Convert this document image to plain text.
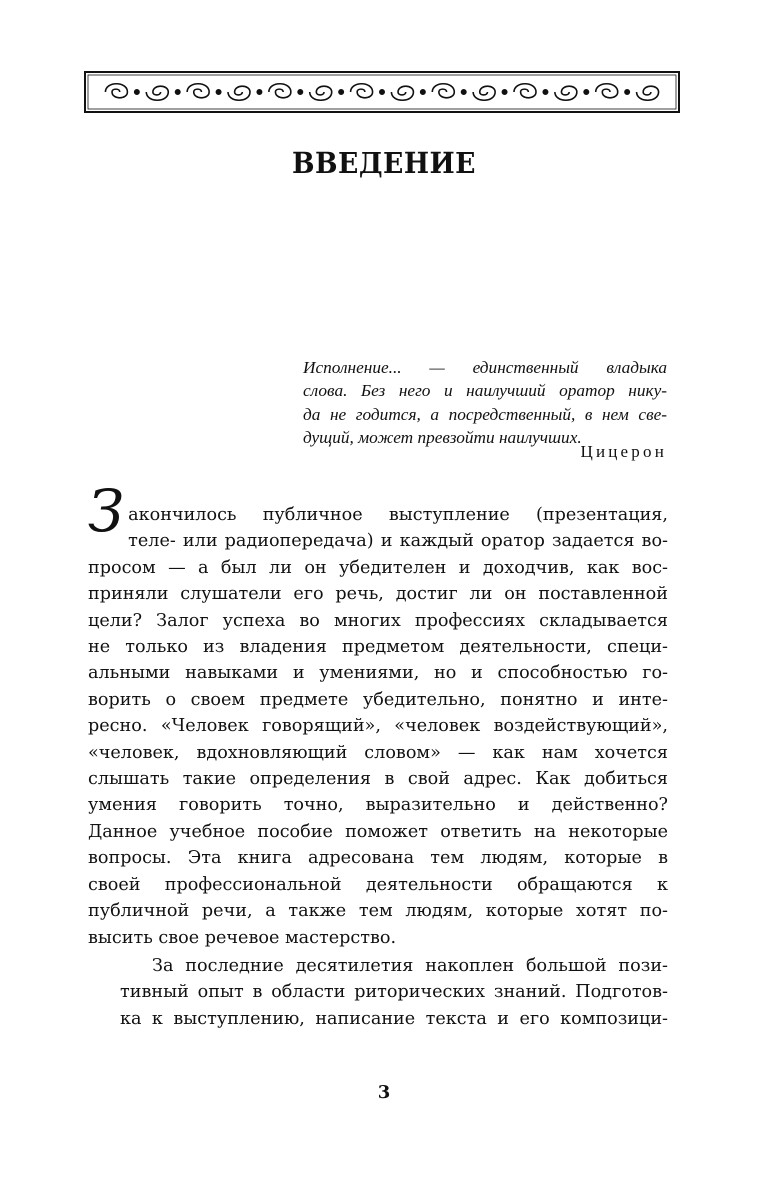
ВВЕДЕНИЕ

Исполнение... — единственный владыка

слова. Без него и наилучший оратор нику-

да не годится, а посредственный, в нем све-

дущий, может превзойти наилучших.

Цицерон
З акончилось публичное выступление (презентация,
теле- или радиопередача) и каждый оратор задается во-
просом — а был ли он убедителен и доходчив, как вос-
приняли слушатели его речь, достиг ли он поставленной
цели? Залог успеха во многих профессиях складывается
не только из владения предметом деятельности, специ-
альными навыками и умениями, но и способностью го-
ворить о своем предмете убедительно, понятно и инте-
ресно. «Человек говорящий», «человек воздействующий»,
«человек, вдохновляющий словом» — как нам хочется
слышать такие определения в свой адрес. Как добиться
умения говорить точно, выразительно и действенно?
Данное учебное пособие поможет ответить на некоторые
вопросы. Эта книга адресована тем людям, которые в
своей профессиональной деятельности обращаются к
публичной речи, а также тем людям, которые хотят по-
высить свое речевое мастерство.
За последние десятилетия накоплен большой пози-
тивный опыт в области риторических знаний. Подготов-
ка к выступлению, написание текста и его композици-
3
